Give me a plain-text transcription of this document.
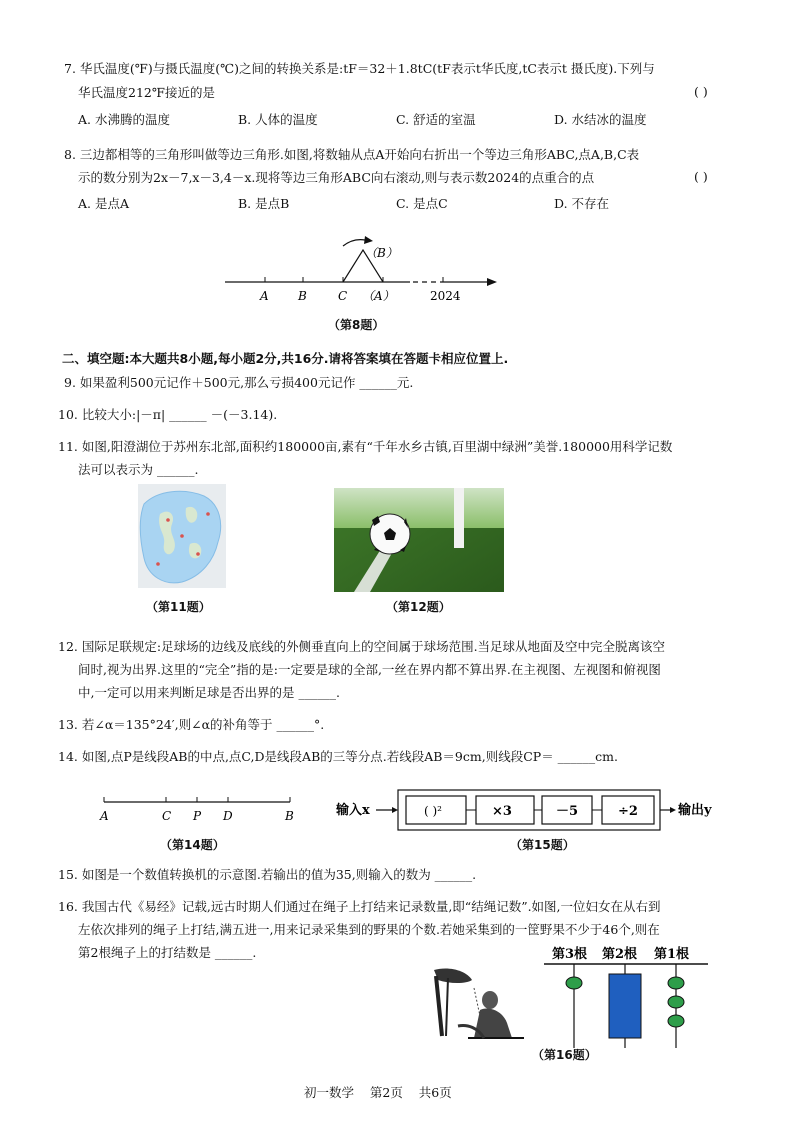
7. 华氏温度(℉)与摄氏温度(℃)之间的转换关系是:tF＝32＋1.8tC(tF表示t华氏度,tC表示t 摄氏度).下列与
华氏温度212℉接近的是	( )
A. 水沸腾的温度	B. 人体的温度	C. 舒适的室温	D. 水结冰的温度
8. 三边都相等的三角形叫做等边三角形.如图,将数轴从点A开始向右折出一个等边三角形ABC,点A,B,C表
示的数分别为2x－7,x－3,4－x.现将等边三角形ABC向右滚动,则与表示数2024的点重合的点	( )
A. 是点A	B. 是点B	C. 是点C	D. 不存在
（B）
A B	C （A）	2024
（第8题）
二、填空题:本大题共8小题,每小题2分,共16分.请将答案填在答题卡相应位置上.
9. 如果盈利500元记作＋500元,那么亏损400元记作 ______元.
10. 比较大小:|－π| ______ －(－3.14).
11. 如图,阳澄湖位于苏州东北部,面积约180000亩,素有“千年水乡古镇,百里湖中绿洲”美誉.180000用科学记数
法可以表示为 ______.
（第11题）	（第12题）
12. 国际足联规定:足球场的边线及底线的外侧垂直向上的空间属于球场范围.当足球从地面及空中完全脱离该空
间时,视为出界.这里的“完全”指的是:一定要是球的全部,一丝在界内都不算出界.在主视图、左视图和俯视图
中,一定可以用来判断足球是否出界的是 ______.
13. 若∠α＝135°24′,则∠α的补角等于 ______°.
14. 如图,点P是线段AB的中点,点C,D是线段AB的三等分点.若线段AB＝9cm,则线段CP＝ ______cm.
A	C P D	B
（第14题）
输入x	( )²	×3	－5	÷2	输出y
（第15题）
15. 如图是一个数值转换机的示意图.若输出的值为35,则输入的数为 ______.
16. 我国古代《易经》记载,远古时期人们通过在绳子上打结来记录数量,即“结绳记数”.如图,一位妇女在从右到
左依次排列的绳子上打结,满五进一,用来记录采集到的野果的个数.若她采集到的一筐野果不少于46个,则在
第2根绳子上的打结数是 ______.	第3根 第2根 第1根
（第16题）
初一数学    第2页    共6页
